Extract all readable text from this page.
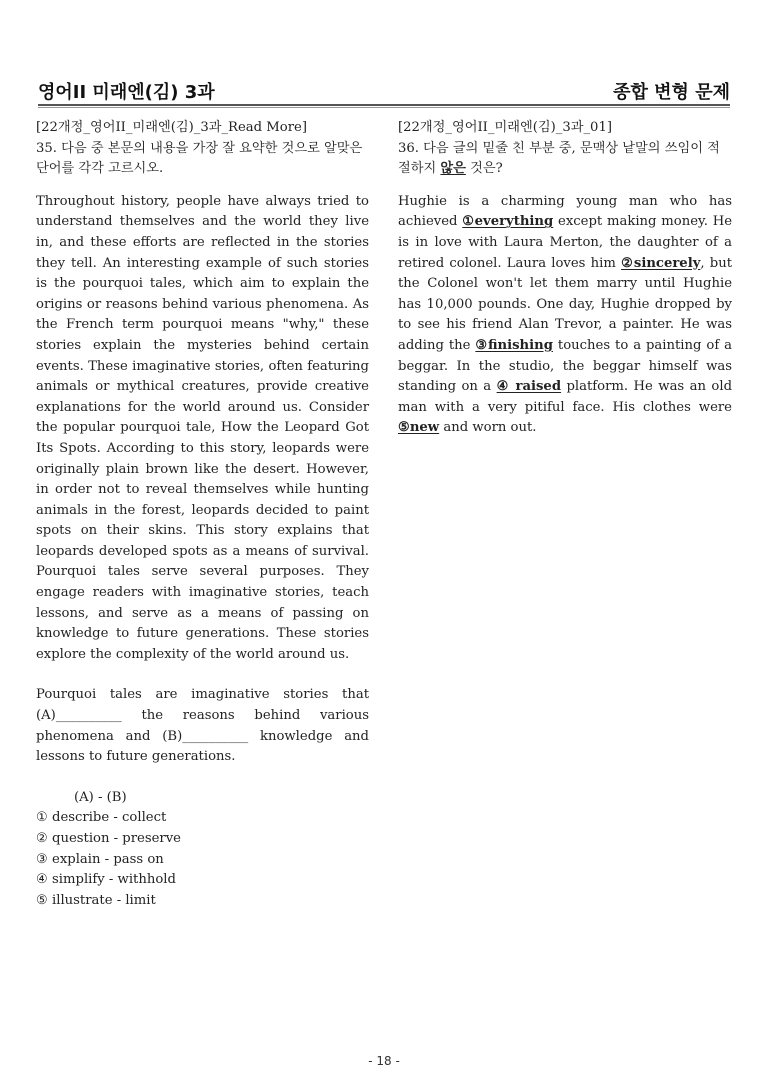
영어II 미래엔(김) 3과	종합 변형 문제

[22개정_영어II_미래엔(김)_3과_Read More]

35. 다음 중 본문의 내용을 가장 잘 요약한 것으로 알맞은 단어를 각각 고르시오.

Throughout history, people have always tried to understand themselves and the world they live in, and these efforts are reflected in the stories they tell. An interesting example of such stories is the pourquoi tales, which aim to explain the origins or reasons behind various phenomena. As the French term pourquoi means "why," these stories explain the mysteries behind certain events. These imaginative stories, often featuring animals or mythical creatures, provide creative explanations for the world around us. Consider the popular pourquoi tale, How the Leopard Got Its Spots. According to this story, leopards were originally plain brown like the desert. However, in order not to reveal themselves while hunting animals in the forest, leopards decided to paint spots on their skins. This story explains that leopards developed spots as a means of survival. Pourquoi tales serve several purposes. They engage readers with imaginative stories, teach lessons, and serve as a means of passing on knowledge to future generations. These stories explore the complexity of the world around us.

Pourquoi tales are imaginative stories that (A)__________ the reasons behind various phenomena and (B)__________ knowledge and lessons to future generations.

(A) - (B)

① describe - collect

② question - preserve

③ explain - pass on

④ simplify - withhold

⑤ illustrate - limit

[22개정_영어II_미래엔(김)_3과_01]

36. 다음 글의 밑줄 친 부분 중, 문맥상 낱말의 쓰임이 적절하지 않은 것은?

Hughie is a charming young man who has achieved ①everything except making money. He is in love with Laura Merton, the daughter of a retired colonel. Laura loves him ②sincerely, but the Colonel won't let them marry until Hughie has 10,000 pounds. One day, Hughie dropped by to see his friend Alan Trevor, a painter. He was adding the ③finishing touches to a painting of a beggar. In the studio, the beggar himself was standing on a ④ raised platform. He was an old man with a very pitiful face. His clothes were ⑤new and worn out.

- 18 -
